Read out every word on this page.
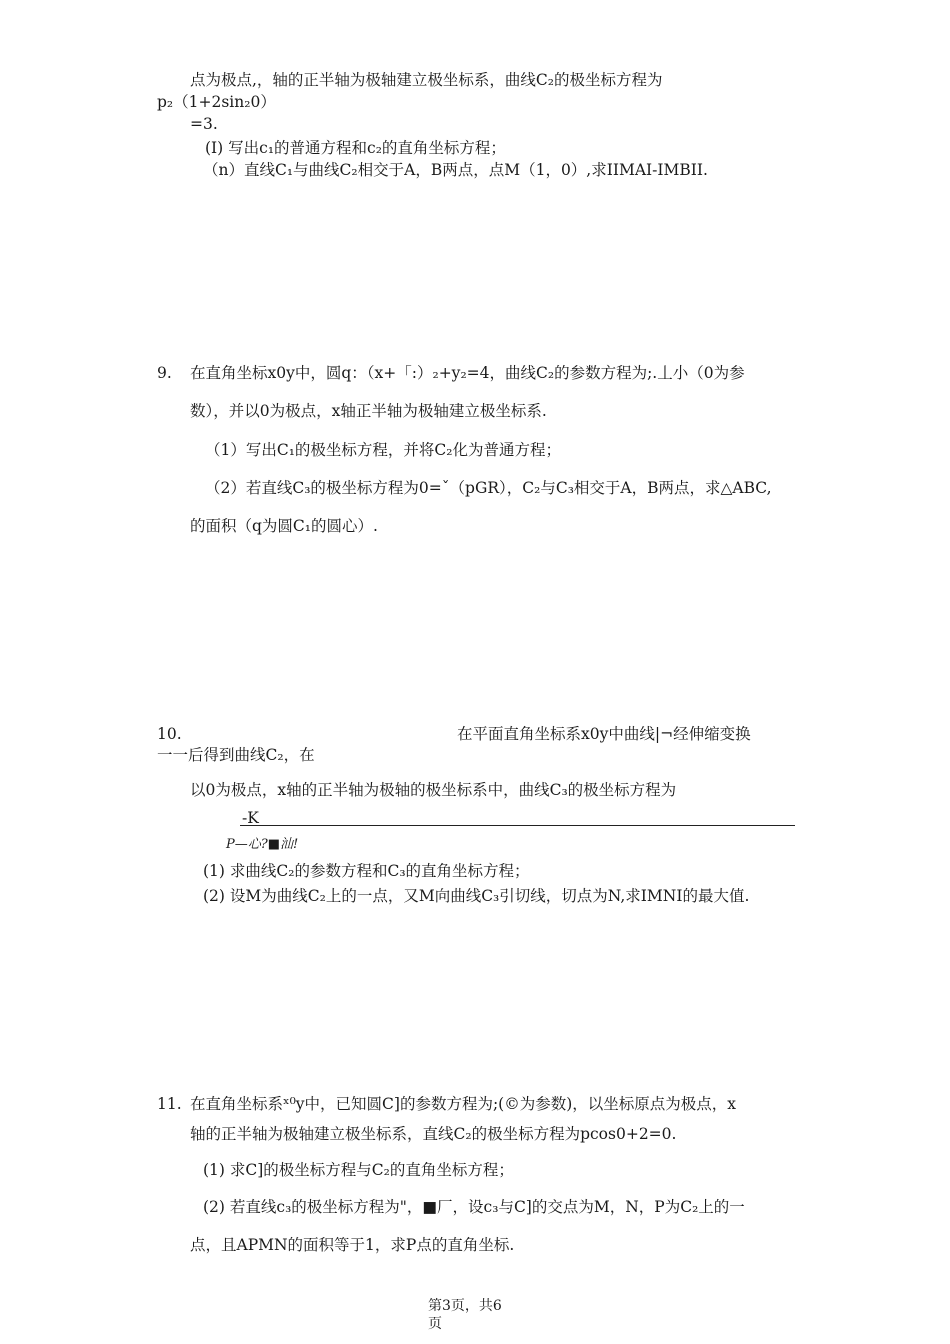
点为极点,，轴的正半轴为极轴建立极坐标系，曲线C₂的极坐标方程为
p₂（1+2sin₂0）
=3.
(Ⅰ) 写出c₁的普通方程和c₂的直角坐标方程；
（n）直线C₁与曲线C₂相交于A，B两点，点M（1，0）,求IIMAI-IMBII.
9. 在直角坐标x0y中，圆q：（x+「:）₂+y₂=4，曲线C₂的参数方程为;.丄小（0为参
数），并以0为极点，x轴正半轴为极轴建立极坐标系.
（1）写出C₁的极坐标方程，并将C₂化为普通方程；
（2）若直线C₃的极坐标方程为0=ˇ（pGR），C₂与C₃相交于A，B两点，求△ABC,
的面积（q为圆C₁的圆心）.
10.	在平面直角坐标系x0y中曲线|¬经伸缩变换
一一后得到曲线C₂，在
以0为极点，x轴的正半轴为极轴的极坐标系中，曲线C₃的极坐标方程为
-K
P—心?■汕!
(1) 求曲线C₂的参数方程和C₃的直角坐标方程；
(2) 设M为曲线C₂上的一点，又M向曲线C₃引切线，切点为N,求IMNI的最大值.
11. 在直角坐标系ˣ⁰y中，已知圆C]的参数方程为;(©为参数)，以坐标原点为极点，x
轴的正半轴为极轴建立极坐标系，直线C₂的极坐标方程为pcos0+2=0.
(1) 求C]的极坐标方程与C₂的直角坐标方程；
(2) 若直线c₃的极坐标方程为"，■厂，设c₃与C]的交点为M，N，P为C₂上的一
点，且APMN的面积等于1，求P点的直角坐标.
第3页，共6
页
